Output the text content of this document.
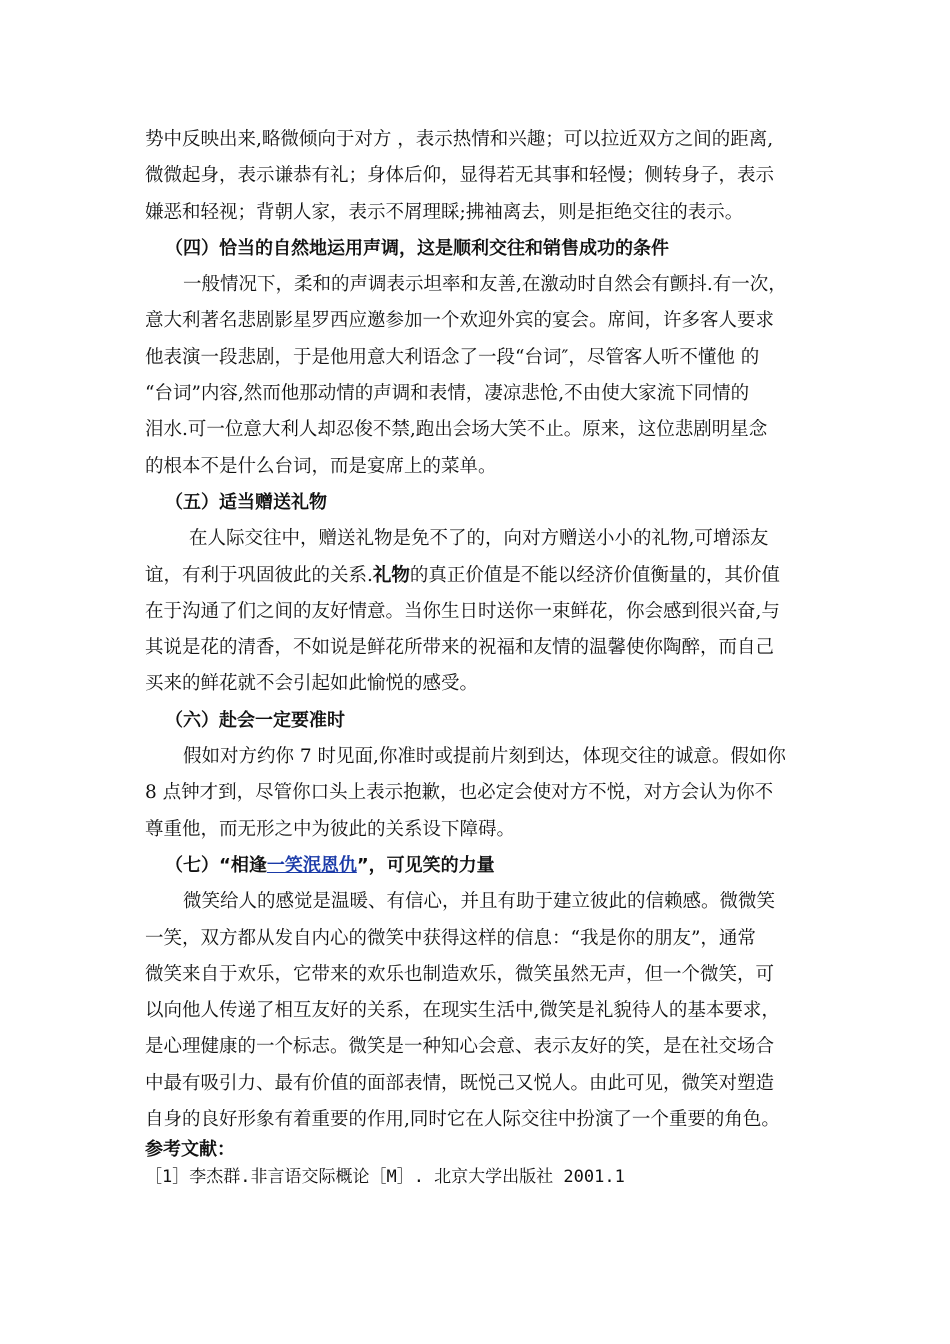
势中反映出来,略微倾向于对方 ，表示热情和兴趣；可以拉近双方之间的距离,
微微起身，表示谦恭有礼；身体后仰，显得若无其事和轻慢；侧转身子，表示
嫌恶和轻视；背朝人家，表示不屑理睬;拂袖离去，则是拒绝交往的表示。
（四）恰当的自然地运用声调，这是顺利交往和销售成功的条件
一般情况下，柔和的声调表示坦率和友善,在激动时自然会有颤抖.有一次，
意大利著名悲剧影星罗西应邀参加一个欢迎外宾的宴会。席间，许多客人要求
他表演一段悲剧，于是他用意大利语念了一段“台词″，尽管客人听不懂他 的
“台词”内容,然而他那动情的声调和表情，凄凉悲怆,不由使大家流下同情的
泪水.可一位意大利人却忍俊不禁,跑出会场大笑不止。原来，这位悲剧明星念
的根本不是什么台词，而是宴席上的菜单。
（五）适当赠送礼物
在人际交往中，赠送礼物是免不了的，向对方赠送小小的礼物,可增添友
谊，有利于巩固彼此的关系.礼物的真正价值是不能以经济价值衡量的，其价值
在于沟通了们之间的友好情意。当你生日时送你一束鲜花，你会感到很兴奋,与
其说是花的清香，不如说是鲜花所带来的祝福和友情的温馨使你陶醉，而自己
买来的鲜花就不会引起如此愉悦的感受。
（六）赴会一定要准时
假如对方约你 7 时见面,你准时或提前片刻到达，体现交往的诚意。假如你
8 点钟才到，尽管你口头上表示抱歉，也必定会使对方不悦，对方会认为你不
尊重他，而无形之中为彼此的关系设下障碍。
（七）“相逢一笑泯恩仇”，可见笑的力量
微笑给人的感觉是温暖、有信心，并且有助于建立彼此的信赖感。微微笑
一笑，双方都从发自内心的微笑中获得这样的信息：“我是你的朋友”，通常
微笑来自于欢乐，它带来的欢乐也制造欢乐，微笑虽然无声，但一个微笑，可
以向他人传递了相互友好的关系，在现实生活中,微笑是礼貌待人的基本要求，
是心理健康的一个标志。微笑是一种知心会意、表示友好的笑，是在社交场合
中最有吸引力、最有价值的面部表情，既悦己又悦人。由此可见，微笑对塑造
自身的良好形象有着重要的作用,同时它在人际交往中扮演了一个重要的角色。
参考文献：
［1］李杰群.非言语交际概论［M］. 北京大学出版社 2001.1
